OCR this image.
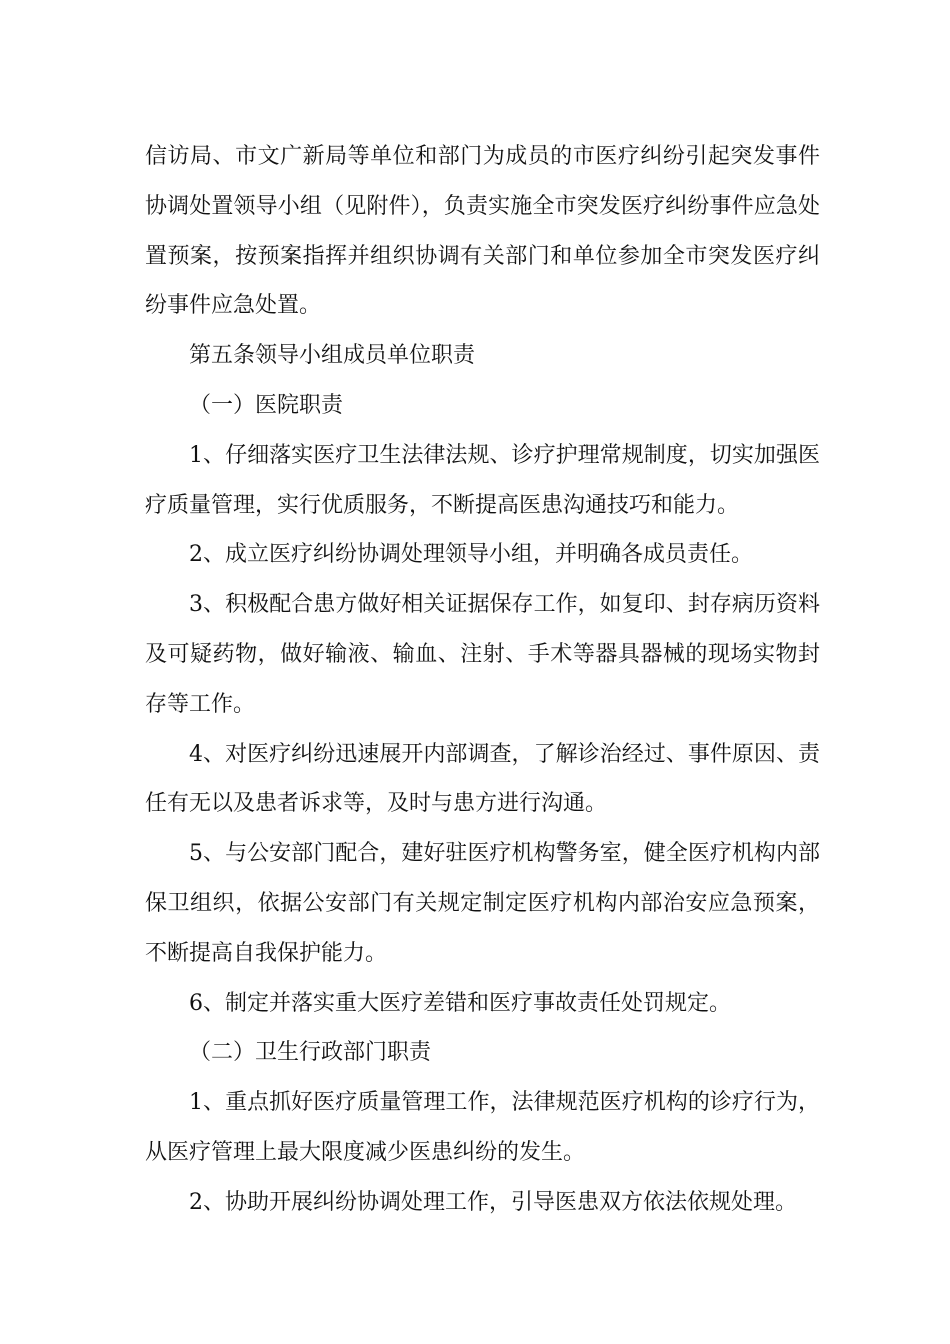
信访局、市文广新局等单位和部门为成员的市医疗纠纷引起突发事件协调处置领导小组（见附件），负责实施全市突发医疗纠纷事件应急处置预案，按预案指挥并组织协调有关部门和单位参加全市突发医疗纠纷事件应急处置。

第五条领导小组成员单位职责

（一）医院职责

1、仔细落实医疗卫生法律法规、诊疗护理常规制度，切实加强医疗质量管理，实行优质服务，不断提高医患沟通技巧和能力。

2、成立医疗纠纷协调处理领导小组，并明确各成员责任。

3、积极配合患方做好相关证据保存工作，如复印、封存病历资料及可疑药物，做好输液、输血、注射、手术等器具器械的现场实物封存等工作。

4、对医疗纠纷迅速展开内部调查，了解诊治经过、事件原因、责任有无以及患者诉求等，及时与患方进行沟通。

5、与公安部门配合，建好驻医疗机构警务室，健全医疗机构内部保卫组织，依据公安部门有关规定制定医疗机构内部治安应急预案，不断提高自我保护能力。

6、制定并落实重大医疗差错和医疗事故责任处罚规定。

（二）卫生行政部门职责

1、重点抓好医疗质量管理工作，法律规范医疗机构的诊疗行为，从医疗管理上最大限度减少医患纠纷的发生。

2、协助开展纠纷协调处理工作，引导医患双方依法依规处理。
